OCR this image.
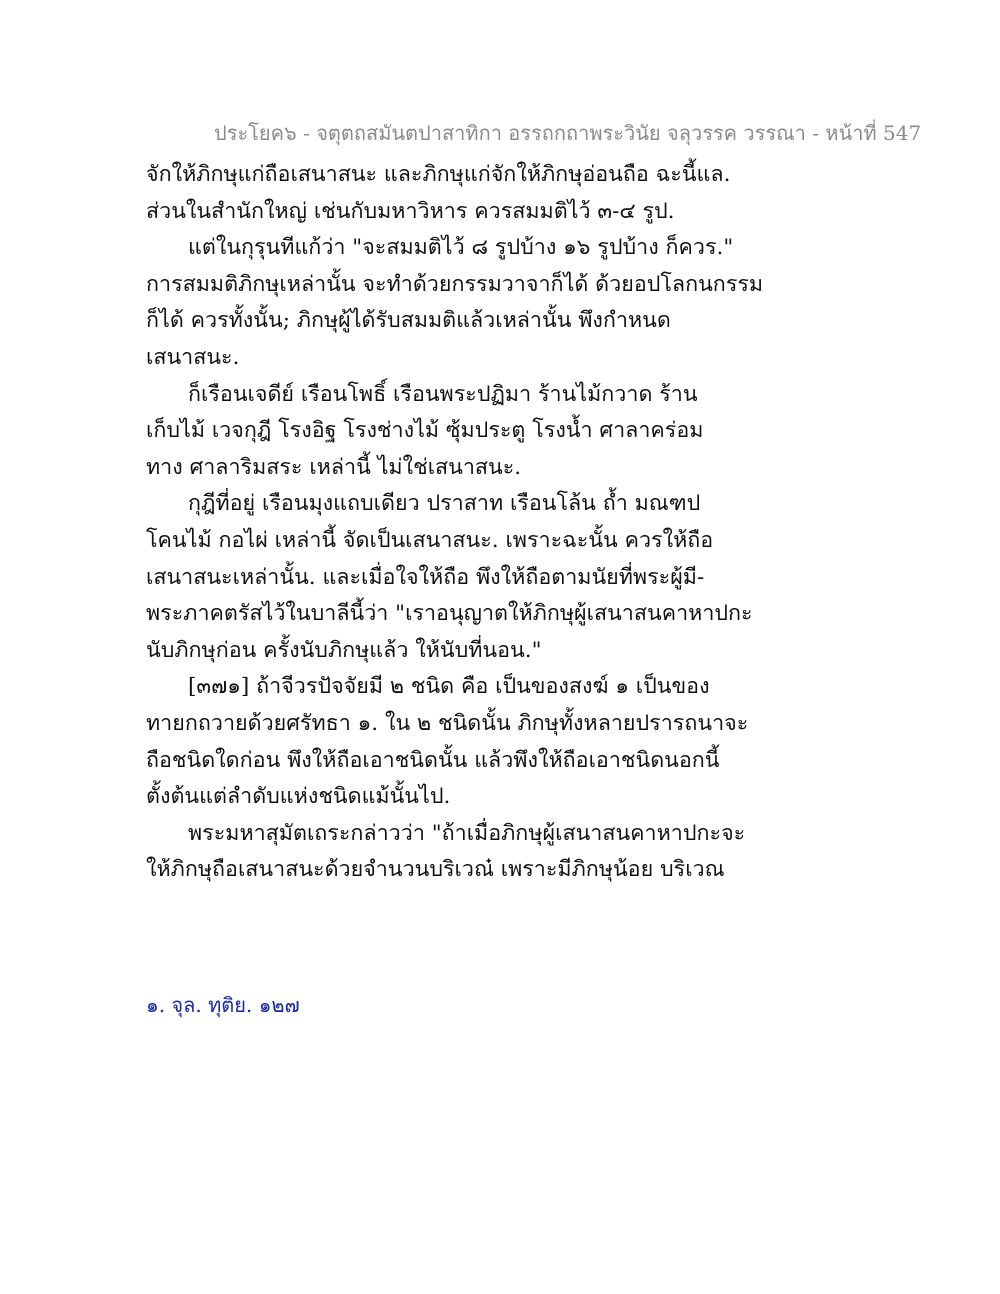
ประโยค๖ - จตุตถสมันตปาสาทิกา อรรถกถาพระวินัย จลุวรรค วรรณา - หน้าที่ 547
จักให้ภิกษุแก่ถือเสนาสนะ และภิกษุแก่จักให้ภิกษุอ่อนถือ ฉะนี้แล.
ส่วนในสำนักใหญ่ เช่นกับมหาวิหาร ควรสมมติไว้ ๓-๔ รูป.
แต่ในกุรุนทีแก้ว่า "จะสมมติไว้ ๘ รูปบ้าง ๑๖ รูปบ้าง ก็ควร."
การสมมติภิกษุเหล่านั้น จะทำด้วยกรรมวาจาก็ได้ ด้วยอปโลกนกรรม
ก็ได้ ควรทั้งนั้น; ภิกษุผู้ได้รับสมมติแล้วเหล่านั้น พึงกำหนด
เสนาสนะ.
ก็เรือนเจดีย์ เรือนโพธิ์ เรือนพระปฏิมา ร้านไม้กวาด ร้าน
เก็บไม้ เวจกุฎี โรงอิฐ โรงช่างไม้ ซุ้มประตู โรงน้ำ ศาลาคร่อม
ทาง ศาลาริมสระ เหล่านี้ ไม่ใช่เสนาสนะ.
กุฎีที่อยู่ เรือนมุงแถบเดียว ปราสาท เรือนโล้น ถ้ำ มณฑป
โคนไม้ กอไผ่ เหล่านี้ จัดเป็นเสนาสนะ. เพราะฉะนั้น ควรให้ถือ
เสนาสนะเหล่านั้น. และเมื่อใจให้ถือ พึงให้ถือตามนัยที่พระผู้มี-
พระภาคตรัสไว้ในบาลีนี้ว่า "เราอนุญาตให้ภิกษุผู้เสนาสนคาหาปกะ
นับภิกษุก่อน ครั้งนับภิกษุแล้ว ให้นับที่นอน."
[๓๗๑] ถ้าจีวรปัจจัยมี ๒ ชนิด คือ เป็นของสงฆ์ ๑ เป็นของ
ทายกถวายด้วยศรัทธา ๑. ใน ๒ ชนิดนั้น ภิกษุทั้งหลายปรารถนาจะ
ถือชนิดใดก่อน พึงให้ถือเอาชนิดนั้น แล้วพึงให้ถือเอาชนิดนอกนี้
ตั้งต้นแต่ลำดับแห่งชนิดแม้นั้นไป.
พระมหาสุมัตเถระกล่าวว่า "ถ้าเมื่อภิกษุผู้เสนาสนคาหาปกะจะ
ให้ภิกษุถือเสนาสนะด้วยจำนวนบริเวณ๋ เพราะมีภิกษุน้อย บริเวณ
๑. จุล. ทุติย. ๑๒๗
